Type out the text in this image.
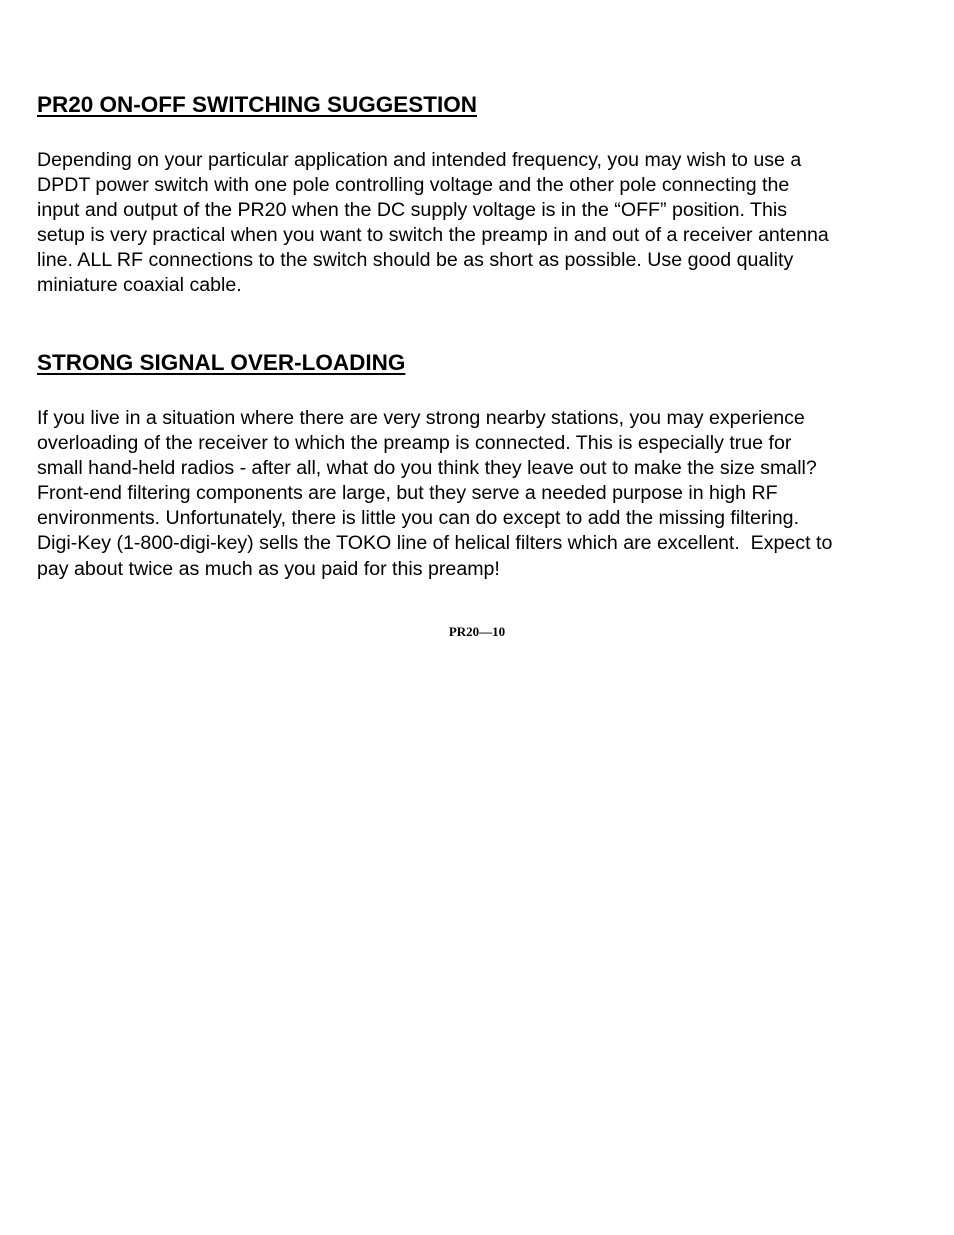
PR20 ON-OFF SWITCHING SUGGESTION

Depending on your particular application and intended frequency, you may wish to use a
DPDT power switch with one pole controlling voltage and the other pole connecting the
input and output of the PR20 when the DC supply voltage is in the “OFF” position. This
setup is very practical when you want to switch the preamp in and out of a receiver antenna
line. ALL RF connections to the switch should be as short as possible. Use good quality
miniature coaxial cable.

STRONG SIGNAL OVER-LOADING

If you live in a situation where there are very strong nearby stations, you may experience
overloading of the receiver to which the preamp is connected. This is especially true for
small hand-held radios - after all, what do you think they leave out to make the size small?
Front-end filtering components are large, but they serve a needed purpose in high RF
environments. Unfortunately, there is little you can do except to add the missing filtering.
Digi-Key (1-800-digi-key) sells the TOKO line of helical filters which are excellent.  Expect to
pay about twice as much as you paid for this preamp!

PR20—10
